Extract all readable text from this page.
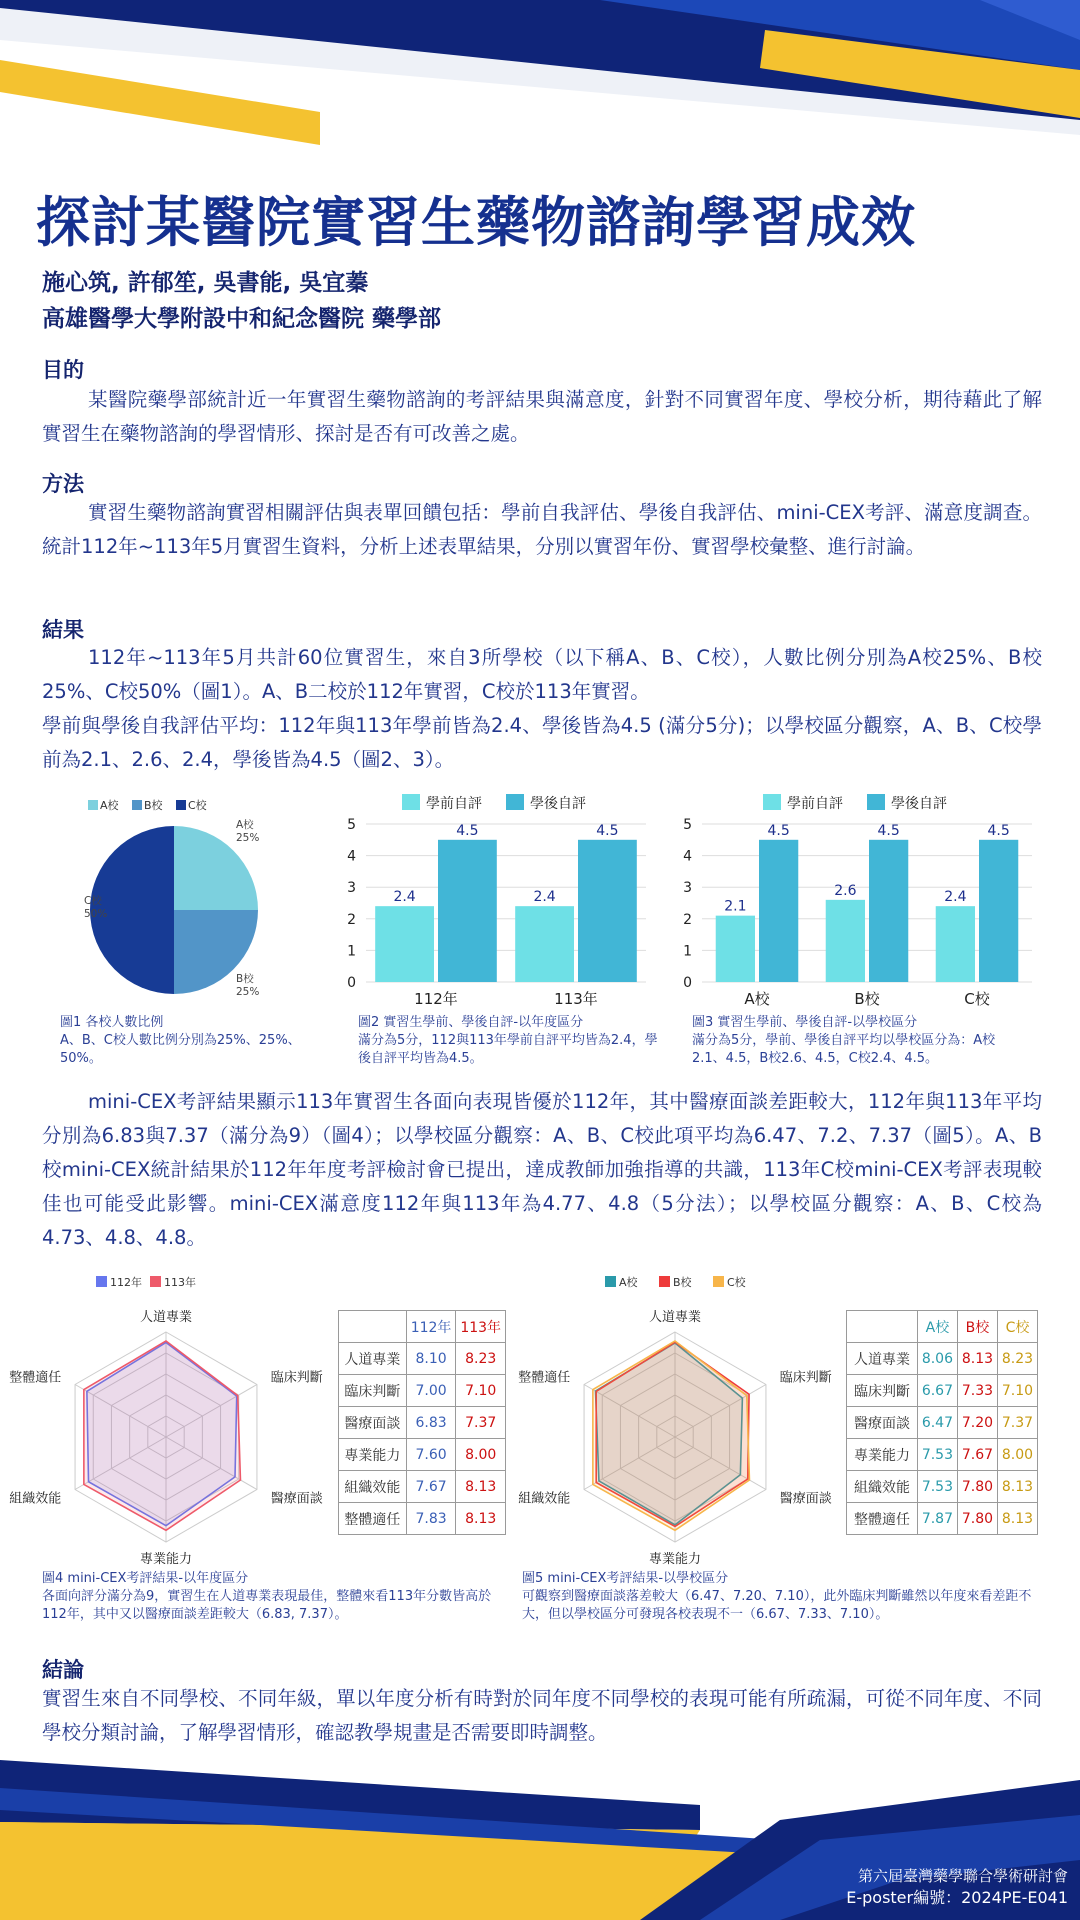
探討某醫院實習生藥物諮詢學習成效
施心筑, 許郁笙, 吳書能, 吳宜蓁
高雄醫學大學附設中和紀念醫院 藥學部
目的

某醫院藥學部統計近一年實習生藥物諮詢的考評結果與滿意度，針對不同實習年度、學校分析，期待藉此了解實習生在藥物諮詢的學習情形、探討是否有可改善之處。

方法

實習生藥物諮詢實習相關評估與表單回饋包括：學前自我評估、學後自我評估、mini-CEX考評、滿意度調查。統計112年~113年5月實習生資料，分析上述表單結果，分別以實習年份、實習學校彙整、進行討論。

結果

112年~113年5月共計60位實習生，來自3所學校（以下稱A、B、C校），人數比例分別為A校25%、B校25%、C校50%（圖1）。A、B二校於112年實習，C校於113年實習。

學前與學後自我評估平均：112年與113年學前皆為2.4、學後皆為4.5 (滿分5分)；以學校區分觀察，A、B、C校學前為2.1、2.6、2.4，學後皆為4.5（圖2、3）。

A校 B校 C校
A校
25%
B校
25%
C校
50%

圖1 各校人數比例

A、B、C校人數比例分別為25%、25%、50%。

學前自評	學後自評
0
1
2
3
4
5
2.4
4.5
112年
2.4
4.5
113年

圖2 實習生學前、學後自評-以年度區分

滿分為5分，112與113年學前自評平均皆為2.4，學後自評平均皆為4.5。

學前自評	學後自評
0
1
2
3
4
5
2.1
4.5
A校
2.6
4.5
B校
2.4
4.5
C校

圖3 實習生學前、學後自評-以學校區分

滿分為5分，學前、學後自評平均以學校區分為：A校2.1、4.5，B校2.6、4.5，C校2.4、4.5。

mini-CEX考評結果顯示113年實習生各面向表現皆優於112年，其中醫療面談差距較大，112年與113年平均分別為6.83與7.37（滿分為9）（圖4）；以學校區分觀察：A、B、C校此項平均為6.47、7.2、7.37（圖5）。A、B校mini-CEX統計結果於112年年度考評檢討會已提出，達成教師加強指導的共識，113年C校mini-CEX考評表現較佳也可能受此影響。mini-CEX滿意度112年與113年為4.77、4.8（5分法）；以學校區分觀察：A、B、C校為4.73、4.8、4.8。

112年 113年
人道專業
臨床判斷
醫療面談
專業能力
組織效能
整體適任
	112年	113年
人道專業	8.10	8.23
臨床判斷	7.00	7.10
醫療面談	6.83	7.37
專業能力	7.60	8.00
組織效能	7.67	8.13
整體適任	7.83	8.13

圖4 mini-CEX考評結果-以年度區分

各面向評分滿分為9，實習生在人道專業表現最佳，整體來看113年分數皆高於112年，其中又以醫療面談差距較大（6.83, 7.37）。

A校	B校	C校
人道專業
臨床判斷
醫療面談
專業能力
組織效能
整體適任
	A校	B校	C校
人道專業	8.06	8.13	8.23
臨床判斷	6.67	7.33	7.10
醫療面談	6.47	7.20	7.37
專業能力	7.53	7.67	8.00
組織效能	7.53	7.80	8.13
整體適任	7.87	7.80	8.13

圖5 mini-CEX考評結果-以學校區分

可觀察到醫療面談落差較大（6.47、7.20、7.10），此外臨床判斷雖然以年度來看差距不大，但以學校區分可發現各校表現不一（6.67、7.33、7.10）。

結論

實習生來自不同學校、不同年級，單以年度分析有時對於同年度不同學校的表現可能有所疏漏，可從不同年度、不同學校分類討論，了解學習情形，確認教學規畫是否需要即時調整。

第六屆臺灣藥學聯合學術研討會
E-poster編號：2024PE-E041
